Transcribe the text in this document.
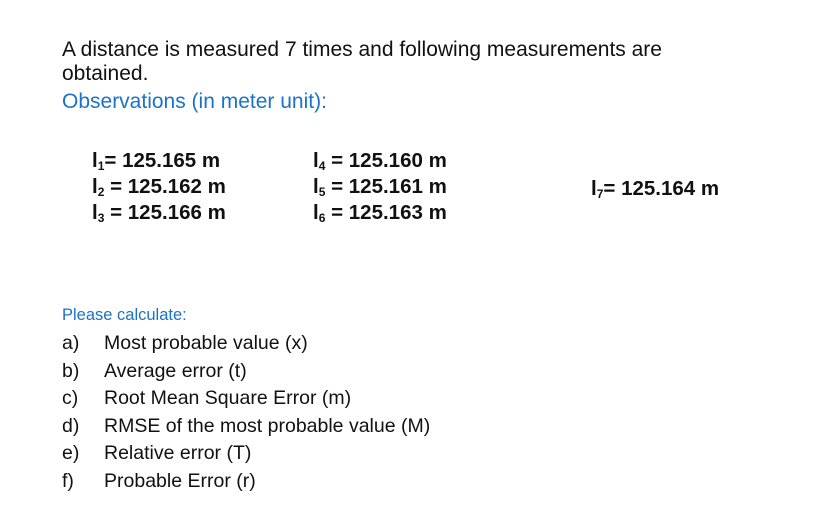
A distance is measured 7 times and following measurements are
obtained.
Observations (in meter unit):
$l_1= 125.165$ m
$l_2 = 125.162$ m
$l_3 = 125.166$ m
$l_4 = 125.160$ m
$l_5 = 125.161$ m
$l_6 = 125.163$ m
$l_7= 125.164$ m
Please calculate:
a) Most probable value (x)
b) Average error (t)
c) Root Mean Square Error (m)
d) RMSE of the most probable value (M)
e) Relative error (T)
f) Probable Error (r)
